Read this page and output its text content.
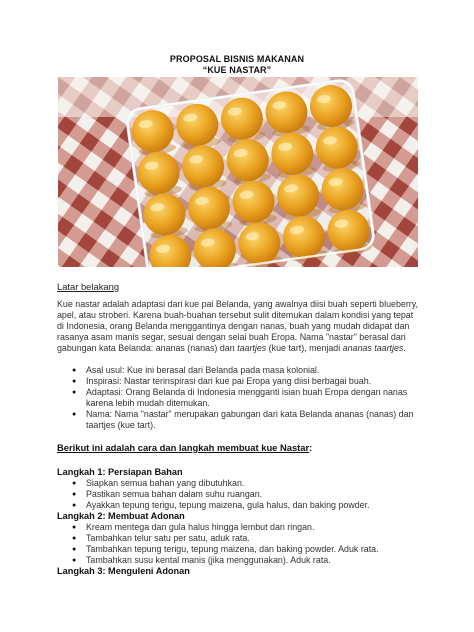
PROPOSAL BISNIS MAKANAN
“KUE NASTAR”
Latar belakang
Kue nastar adalah adaptasi dari kue pai Belanda, yang awalnya diisi buah seperti blueberry,
apel, atau stroberi. Karena buah-buahan tersebut sulit ditemukan dalam kondisi yang tepat
di Indonesia, orang Belanda menggantinya dengan nanas, buah yang mudah didapat dan
rasanya asam manis segar, sesuai dengan selai buah Eropa. Nama "nastar" berasal dari
gabungan kata Belanda: ananas (nanas) dan taartjes (kue tart), menjadi ananas taartjes.
● Asal usul: Kue ini berasal dari Belanda pada masa kolonial.
● Inspirasi: Nastar terinspirasi dari kue pai Eropa yang diisi berbagai buah.
● Adaptasi: Orang Belanda di Indonesia mengganti isian buah Eropa dengan nanas
karena lebih mudah ditemukan.
● Nama: Nama "nastar" merupakan gabungan dari kata Belanda ananas (nanas) dan
taartjes (kue tart).
Berikut ini adalah cara dan langkah membuat kue Nastar:
Langkah 1: Persiapan Bahan
● Siapkan semua bahan yang dibutuhkan.
● Pastikan semua bahan dalam suhu ruangan.
● Ayakkan tepung terigu, tepung maizena, gula halus, dan baking powder.
Langkah 2: Membuat Adonan
● Kream mentega dan gula halus hingga lembut dan ringan.
● Tambahkan telur satu per satu, aduk rata.
● Tambahkan tepung terigu, tepung maizena, dan baking powder. Aduk rata.
● Tambahkan susu kental manis (jika menggunakan). Aduk rata.
Langkah 3: Menguleni Adonan
